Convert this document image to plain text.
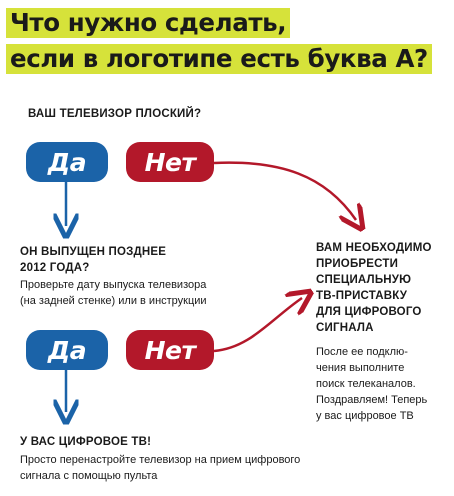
Что нужно сделать,
если в логотипе есть буква А?
ВАШ ТЕЛЕВИЗОР ПЛОСКИЙ?
Да	Нет
ОН ВЫПУЩЕН ПОЗДНЕЕ
2012 ГОДА?
Проверьте дату выпуска телевизора
(на задней стенке) или в инструкции
Да	Нет
У ВАС ЦИФРОВОЕ ТВ!
Просто перенастройте телевизор на прием цифрового
сигнала с помощью пульта
ВАМ НЕОБХОДИМО
ПРИОБРЕСТИ
СПЕЦИАЛЬНУЮ
ТВ-ПРИСТАВКУ
ДЛЯ ЦИФРОВОГО
СИГНАЛА
После ее подклю-
чения выполните
поиск телеканалов.
Поздравляем! Теперь
у вас цифровое ТВ
